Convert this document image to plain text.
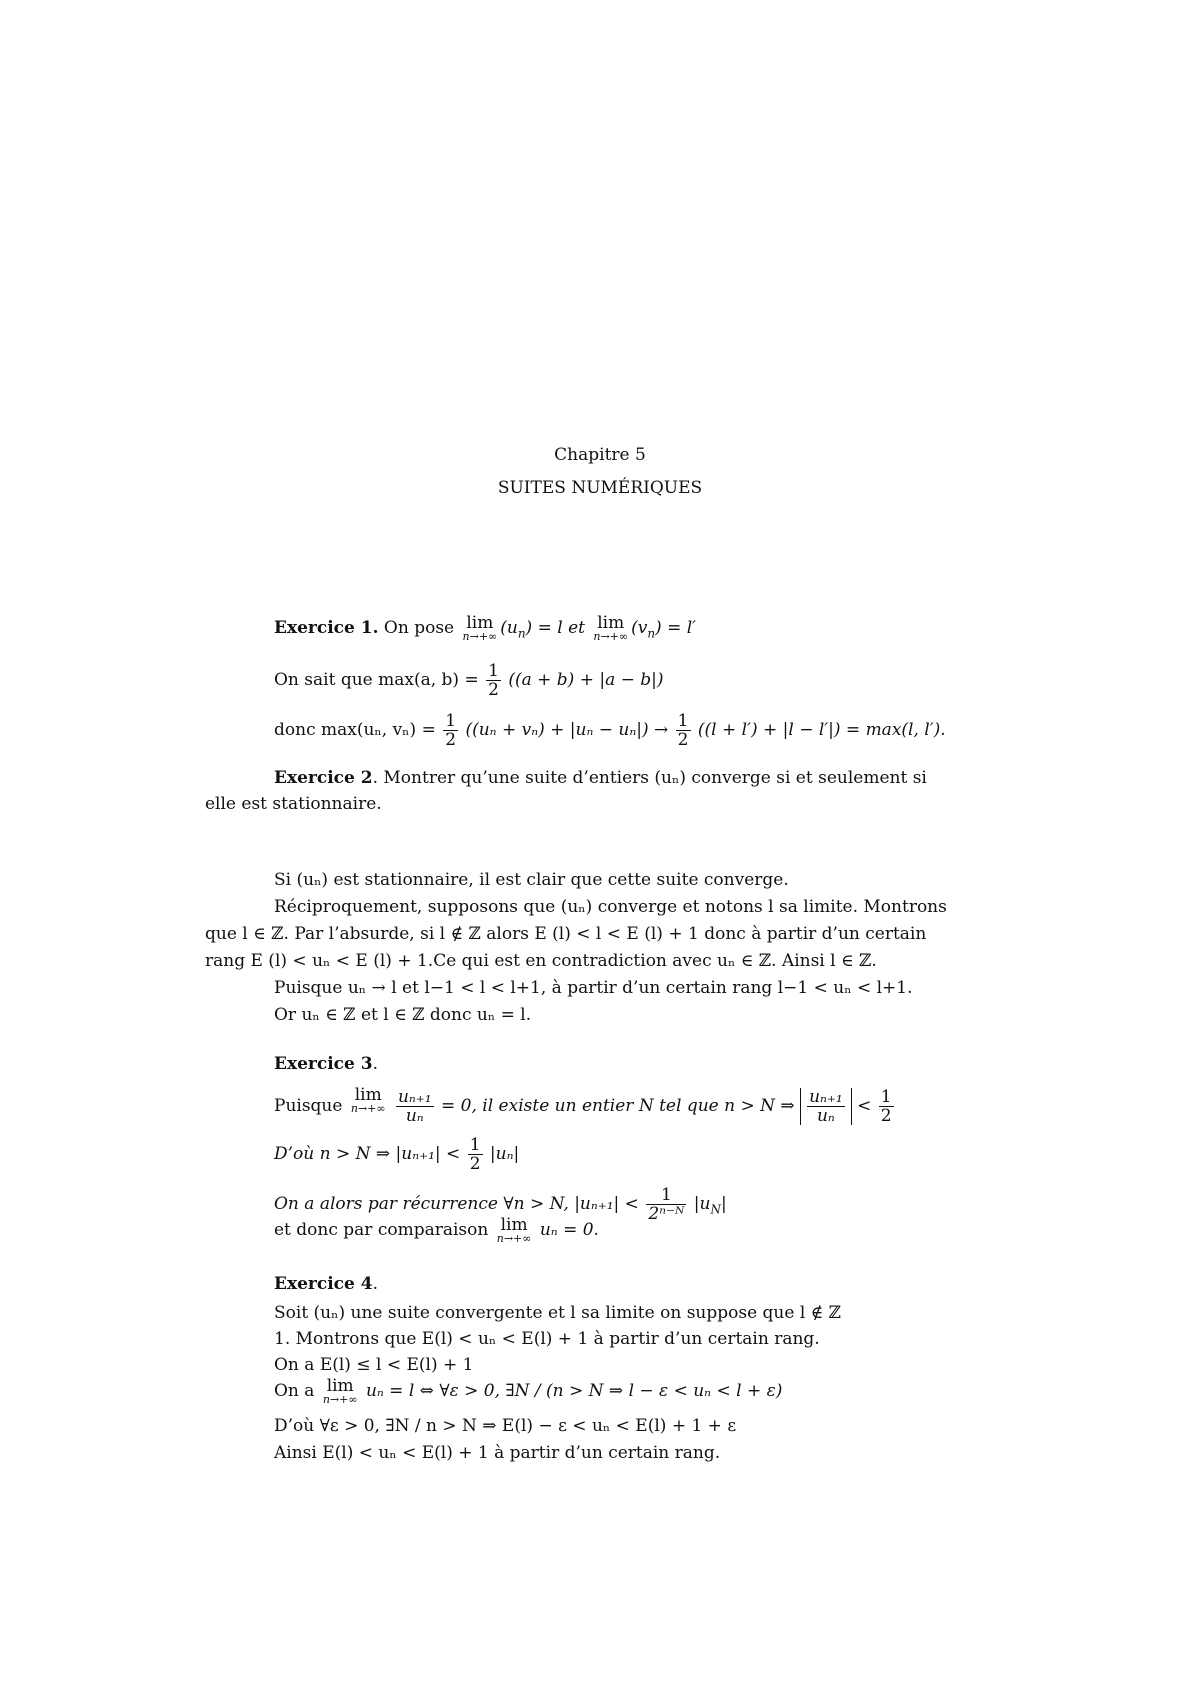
Chapitre 5
SUITES NUMÉRIQUES
Exercice 1. On pose lim
n→+∞ $(u_n) = l$ et lim
n→+∞ $(v_n) = l'$
On sait que max(a, $b) = \frac{1}{2} ((a + b) + |a - b|)$
donc max(uₙ, $v_n) = \frac{1}{2} ((u_n + v_n) + |u_n - u_n|) \to \frac{1}{2} ((l + l') + |l - l'|) = \max(l$, l′).
Exercice 2. Montrer qu’une suite d’entiers (uₙ) converge si et seulement si
elle est stationnaire.
Si (uₙ) est stationnaire, il est clair que cette suite converge.
Réciproquement, supposons que (uₙ) converge et notons l sa limite. Montrons
que l ∈ ℤ. Par l’absurde, si l ∉ ℤ alors E (l) < l < E (l) + 1 donc à partir d’un certain
rang E (l) < uₙ < E (l) + 1.Ce qui est en contradiction avec uₙ ∈ ℤ. Ainsi l ∈ ℤ.
Puisque uₙ → l et l−1 < l < l+1, à partir d’un certain rang l−1 < uₙ < l+1.
Or uₙ ∈ ℤ et l ∈ ℤ donc uₙ = l.
Exercice 3.
Puisque lim
n→+∞
$\frac{\text{uₙ₊₁}}{\text{uₙ}} = 0$, il existe un entier N tel que n > N ⇒ $\frac{\text{uₙ₊₁}}{\text{uₙ}} < \frac{1}{2}$
D’où n > N ⇒ $|u_{n+1}| < \frac{1}{2} |u_n|$
On a alors par récurrence ∀n > N, $|u_{n+1}| < \frac{1}{\text{2ⁿ⁻ᴺ}} |u_N|$
et donc par comparaison lim
n→+∞ uₙ = 0.
Exercice 4.
Soit (uₙ) une suite convergente et l sa limite on suppose que l ∉ ℤ
1. Montrons que E(l) < uₙ < E(l) + 1 à partir d’un certain rang.
On a E(l) ≤ l < E(l) + 1
On a lim
n→+∞ uₙ = l ⇔ ∀ε > 0, ∃N / (n > N ⇒ l − ε < uₙ < l + ε)
D’où ∀ε > 0, ∃N / n > N ⇒ E(l) − ε < uₙ < E(l) + 1 + ε
Ainsi E(l) < uₙ < E(l) + 1 à partir d’un certain rang.
